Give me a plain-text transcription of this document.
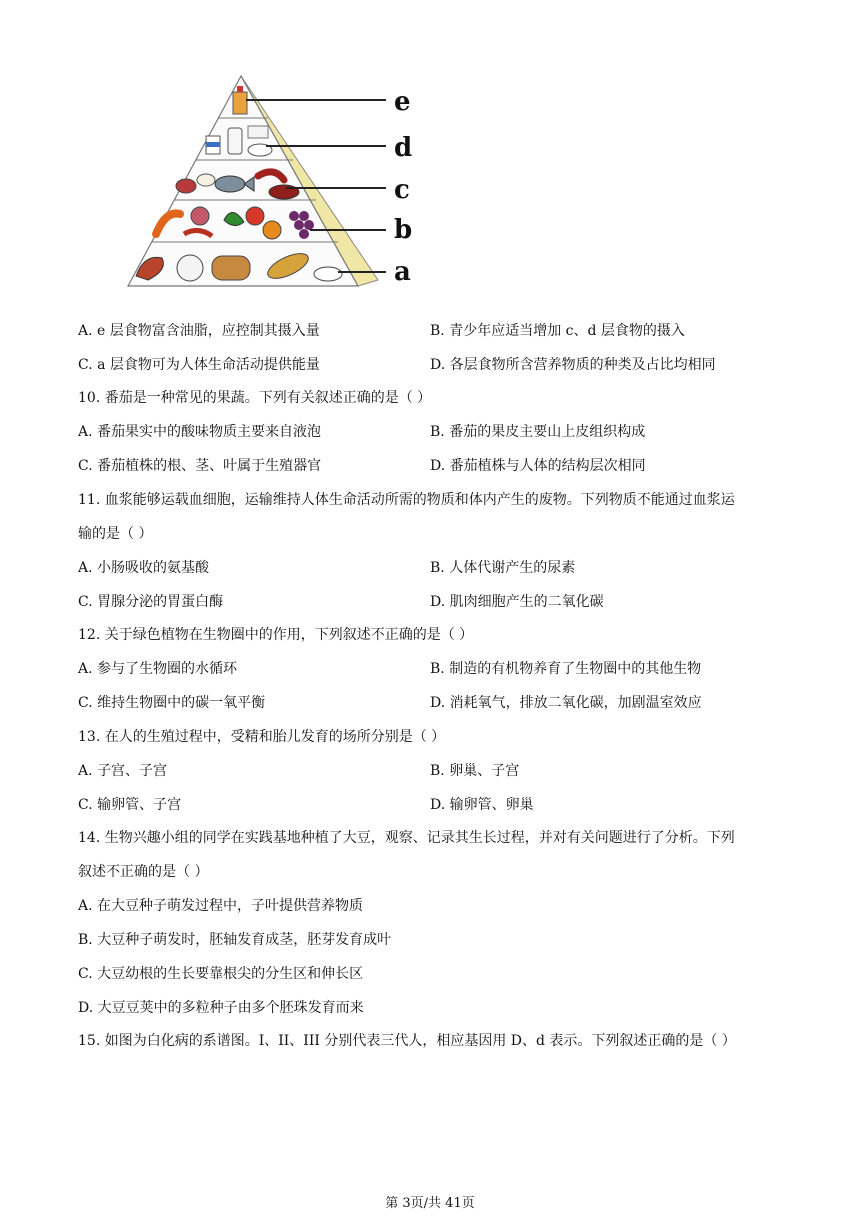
e
d
c
b
a
A. e 层食物富含油脂，应控制其摄入量	B. 青少年应适当增加 c、d 层食物的摄入
C. a 层食物可为人体生命活动提供能量	D. 各层食物所含营养物质的种类及占比均相同
10. 番茄是一种常见的果蔬。下列有关叙述正确的是（ ）
A. 番茄果实中的酸味物质主要来自液泡	B. 番茄的果皮主要山上皮组织构成
C. 番茄植株的根、茎、叶属于生殖器官	D. 番茄植株与人体的结构层次相同
11. 血浆能够运载血细胞，运输维持人体生命活动所需的物质和体内产生的废物。下列物质不能通过血浆运
输的是（ ）
A. 小肠吸收的氨基酸	B. 人体代谢产生的尿素
C. 胃腺分泌的胃蛋白酶	D. 肌肉细胞产生的二氧化碳
12. 关于绿色植物在生物圈中的作用，下列叙述不正确的是（ ）
A. 参与了生物圈的水循环	B. 制造的有机物养育了生物圈中的其他生物
C. 维持生物圈中的碳一氧平衡	D. 消耗氧气，排放二氧化碳，加剧温室效应
13. 在人的生殖过程中，受精和胎儿发育的场所分别是（ ）
A. 子宫、子宫	B. 卵巢、子宫
C. 输卵管、子宫	D. 输卵管、卵巢
14. 生物兴趣小组的同学在实践基地种植了大豆，观察、记录其生长过程，并对有关问题进行了分析。下列
叙述不正确的是（ ）
A. 在大豆种子萌发过程中，子叶提供营养物质
B. 大豆种子萌发时，胚轴发育成茎，胚芽发育成叶
C. 大豆幼根的生长要靠根尖的分生区和伸长区
D. 大豆豆荚中的多粒种子由多个胚珠发育而来
15. 如图为白化病的系谱图。I、II、III 分别代表三代人，相应基因用 D、d 表示。下列叙述正确的是（ ）
第 3页/共 41页
